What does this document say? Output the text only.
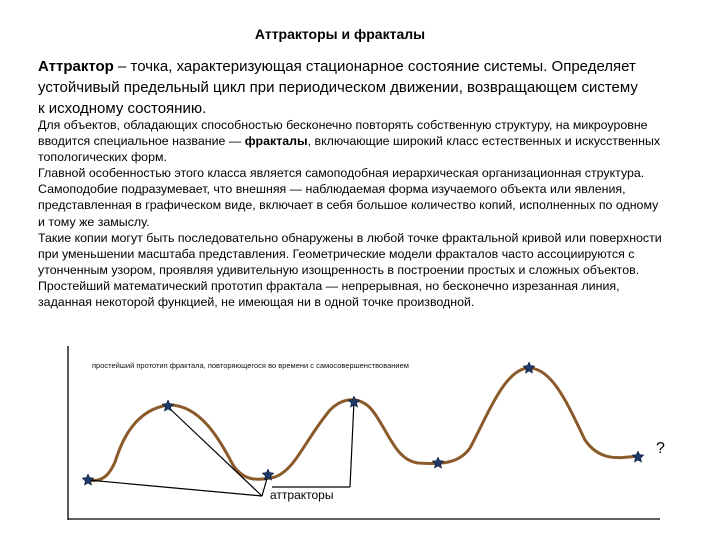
Аттракторы и фракталы
Аттрактор – точка, характеризующая стационарное состояние системы. Определяет устойчивый предельный цикл при периодическом движении, возвращающем систему к исходному состоянию.

Для объектов, обладающих способностью бесконечно повторять собственную структуру, на микроуровне вводится специальное название — фракталы, включающие широкий класс естественных и искусственных топологических форм.

Главной особенностью этого класса является самоподобная иерархическая организационная структура. Самоподобие подразумевает, что внешняя — наблюдаемая форма изучаемого объекта или явления, представленная в графическом виде, включает в себя большое количество копий, исполненных по одному и тому же замыслу.

Такие копии могут быть последовательно обнаружены в любой точке фрактальной кривой или поверхности при уменьшении масштаба представления. Геометрические модели фракталов часто ассоциируются с утонченным узором, проявляя удивительную изощренность в построении простых и сложных объектов.

Простейший математический прототип фрактала — непрерывная, но бесконечно изрезанная линия, заданная некоторой функцией, не имеющая ни в одной точке производной.

простейший прототип фрактала, повторяющегося во времени с самосовершенствованием
аттракторы
?
